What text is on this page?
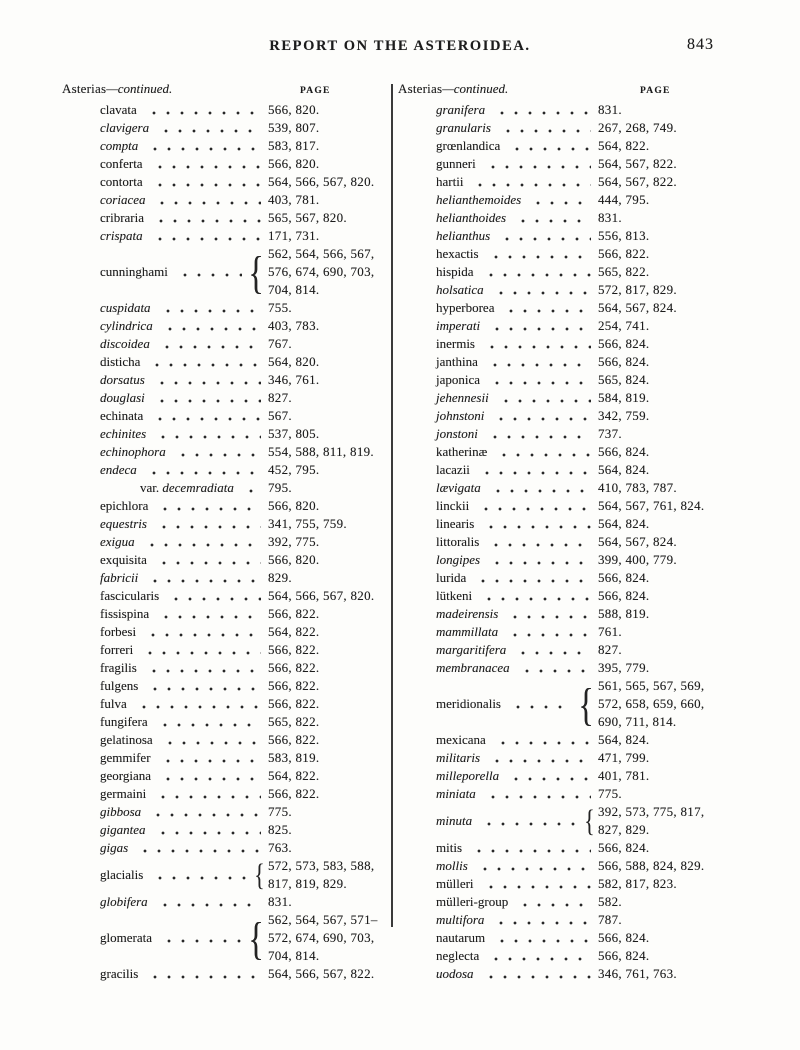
REPORT ON THE ASTEROIDEA.	843
Asterias—continued.	PAGE
clavata	566, 820.
clavigera	539, 807.
compta	583, 817.
conferta	566, 820.
contorta	564, 566, 567, 820.
coriacea	403, 781.
cribraria	565, 567, 820.
crispata	171, 731.
cunninghami { 562, 564, 566, 567,
576, 674, 690, 703,
704, 814.
cuspidata	755.
cylindrica	403, 783.
discoidea	767.
disticha	564, 820.
dorsatus	346, 761.
douglasi	827.
echinata	567.
echinites	537, 805.
echinophora	554, 588, 811, 819.
endeca	452, 795.
var. decemradiata	795.
epichlora	566, 820.
equestris	341, 755, 759.
exigua	392, 775.
exquisita	566, 820.
fabricii	829.
fascicularis	564, 566, 567, 820.
fissispina	566, 822.
forbesi	564, 822.
forreri	566, 822.
fragilis	566, 822.
fulgens	566, 822.
fulva	566, 822.
fungifera	565, 822.
gelatinosa	566, 822.
gemmifer	583, 819.
georgiana	564, 822.
germaini	566, 822.
gibbosa	775.
gigantea	825.
gigas	763.
glacialis	{ 572, 573, 583, 588,
817, 819, 829.
globifera	831.
glomerata { 562, 564, 567, 571–
572, 674, 690, 703,
704, 814.
gracilis	564, 566, 567, 822.
Asterias—continued.	PAGE
granifera	831.
granularis	267, 268, 749.
grœnlandica	564, 822.
gunneri	564, 567, 822.
hartii	564, 567, 822.
helianthemoides	444, 795.
helianthoides	831.
helianthus	556, 813.
hexactis	566, 822.
hispida	565, 822.
holsatica	572, 817, 829.
hyperborea	564, 567, 824.
imperati	254, 741.
inermis	566, 824.
janthina	566, 824.
japonica	565, 824.
jehennesii	584, 819.
johnstoni	342, 759.
jonstoni	737.
katherinæ	566, 824.
lacazii	564, 824.
lævigata	410, 783, 787.
linckii	564, 567, 761, 824.
linearis	564, 824.
littoralis	564, 567, 824.
longipes	399, 400, 779.
lurida	566, 824.
lütkeni	566, 824.
madeirensis	588, 819.
mammillata	761.
margaritifera	827.
membranacea	395, 779.
meridionalis { 561, 565, 567, 569,
572, 658, 659, 660,
690, 711, 814.
mexicana	564, 824.
militaris	471, 799.
milleporella	401, 781.
miniata	775.
minuta	{ 392, 573, 775, 817,
827, 829.
mitis	566, 824.
mollis	566, 588, 824, 829.
mülleri	582, 817, 823.
mülleri-group	582.
multifora	787.
nautarum	566, 824.
neglecta	566, 824.
uodosa	346, 761, 763.
